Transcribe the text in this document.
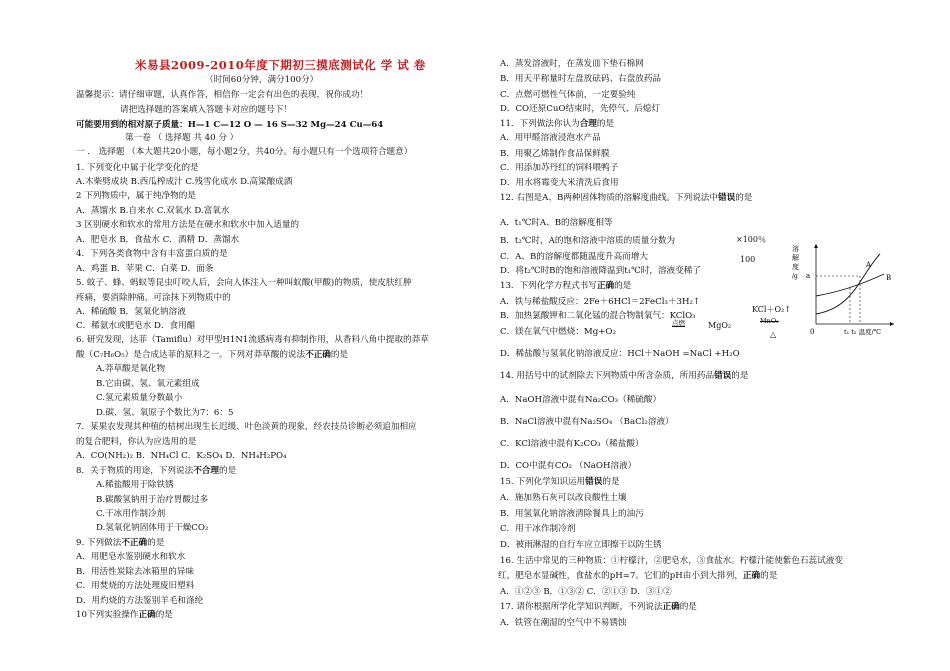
米易县2009-2010年度下期初三摸底测试化 学 试 卷
（时间60分钟，满分100分）
温馨提示：请仔细审题，认真作答，相信你一定会有出色的表现，祝你成功！
请把选择题的答案填入答题卡对应的题号下！
可能要用到的相对原子质量：H—1 C—12 O — 16 S—32 Mg—24 Cu—64
第一卷 （ 选择题 共 40 分 ）
一 ． 选择题 （本大题共20小题，每小题2分，共40分。每小题只有一个选项符合题意）
1. 下列变化中属于化学变化的是
A.木柴劈成块 B.西瓜榨成汁 C.残雪化成水 D.高粱酿成酒
2 下列物质中，属于纯净物的是
A．蒸馏水 B.自来水 C.双氧水 D.富氧水
3 区别硬水和软水的常用方法是在硬水和软水中加入适量的
A．肥皂水 B．食盐水 C．酒精 D．蒸馏水
4．下列各类食物中含有丰富蛋白质的是
A．鸡蛋 B．苹果 C．白菜 D．面条
5. 蚊子、蜂、蚂蚁等昆虫叮咬人后，会向人体注入一种叫蚁酸(甲酸)的物质，使皮肤红肿
疼痛，要消除肿痛，可涂抹下列物质中的
A．稀硫酸 B．氢氧化钠溶液
C．稀氨水或肥皂水 D．食用醋
6. 研究发现，达菲（Tamiflu）对甲型H1N1流感病毒有抑制作用，从香料八角中提取的莽草
酸（C₇H₆O₅）是合成达菲的原料之一。下列对莽草酸的说法不正确的是
A.莽草酸是氧化物
B.它由碳、氢、氧元素组成
C.氢元素质量分数最小
D.碳、氢、氧原子个数比为7：6：5
7．某果农发现其种植的桔树出现生长迟缓、叶色淡黄的现象，经农技员诊断必须追加相应
的复合肥料，你认为应选用的是
A．CO(NH₂)₂ B．NH₄Cl C．K₂SO₄ D．NH₄H₂PO₄
8．关于物质的用途，下列说法不合理的是
A.稀盐酸用于除铁锈
B.碳酸氢钠用于治疗胃酸过多
C.干冰用作制冷剂
D.氢氧化钠固体用于干燥CO₂
9. 下列做法不正确的是
A．用肥皂水鉴别硬水和软水
B．用活性炭除去冰箱里的异味
C．用焚烧的方法处理废旧塑料
D．用灼烧的方法鉴别羊毛和涤纶
10下列实验操作正确的是
A．蒸发溶液时，在蒸发皿下垫石棉网
B．用天平称量时左盘放砝码、右盘放药品
C．点燃可燃性气体前，一定要验纯
D．CO还原CuO结束时，先停气、后熄灯
11．下列做法你认为合理的是
A．用甲醛溶液浸泡水产品
B．用聚乙烯制作食品保鲜膜
C．用添加苏丹红的饲料喂鸭子
D．用水将霉变大米清洗后食用
12. 右图是A、B两种固体物质的溶解度曲线。下列说法中错误的是
A．t₁℃时A、B的溶解度相等
B．t₂℃时，A的饱和溶液中溶质的质量分数为
C．A、B的溶解度都随温度升高而增大
D．将t₂℃时B的饱和溶液降温到t₁℃时，溶液变稀了
13．下列化学方程式书写正确的是
A．铁与稀盐酸反应：2Fe＋6HCl＝2FeCl₃＋3H₂↑
B．加热氯酸钾和二氧化锰的混合物制氧气：KClO₃
C．镁在氧气中燃烧：Mg+O₂
D．稀盐酸与氢氧化钠溶液反应：HCl＋NaOH =NaCl +H₂O
14. 用括号中的试剂除去下列物质中所含杂质，所用药品错误的是
A．NaOH溶液中混有Na₂CO₃（稀硫酸）
B．NaCl溶液中混有Na₂SO₄ （BaCl₂溶液）
C．KCl溶液中混有K₂CO₃（稀盐酸）
D．CO中混有CO₂ （NaOH溶液）
15. 下列化学知识运用错误的是
A．施加熟石灰可以改良酸性土壤
B．用氢氧化钠溶液清除餐具上的油污
C．用干冰作制冷剂
D．被雨淋湿的自行车应立即擦干以防生锈
16. 生活中常见的三种物质：①柠檬汁，②肥皂水，③食盐水。柠檬汁能使紫色石蕊试液变
红，肥皂水显碱性，食盐水的pH=7。它们的pH由小到大排列，正确的是
A．①②③ B．①③② C．②①③ D．③①②
17. 请你根据所学化学知识判断，不列说法正确的是
A．铁管在潮湿的空气中不易锈蚀
×100％
100
KCl＋O₂↑
MnO₂
△
点燃	MgO₂
溶
解
度
/g a
A
B
0	t₁ t₂ 温度/℃
